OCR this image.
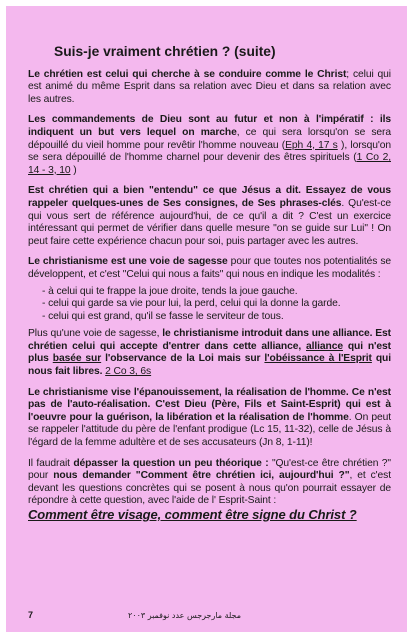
Suis-je vraiment chrétien ? (suite)

Le chrétien est celui qui cherche à se conduire comme le Christ; celui qui est animé du même Esprit dans sa relation avec Dieu et dans sa relation avec les autres.

Les commandements de Dieu sont au futur et non à l'impératif : ils indiquent un but vers lequel on marche, ce qui sera lorsqu'on se sera dépouillé du vieil homme pour revêtir l'homme nouveau (Eph 4, 17 s ), lorsqu'on se sera dépouillé de l'homme charnel pour devenir des êtres spirituels (1 Co 2, 14 - 3, 10 )

Est chrétien qui a bien "entendu" ce que Jésus a dit. Essayez de vous rappeler quelques-unes de Ses consignes, de Ses phrases-clés. Qu'est-ce qui vous sert de référence aujourd'hui, de ce qu'il a dit ? C'est un exercice intéressant qui permet de vérifier dans quelle mesure "on se guide sur Lui" ! On peut faire cette expérience chacun pour soi, puis partager avec les autres.

Le christianisme est une voie de sagesse pour que toutes nos potentialités se développent, et c'est "Celui qui nous a faits" qui nous en indique les modalités :

- à celui qui te frappe la joue droite, tends la joue gauche.
- celui qui garde sa vie pour lui, la perd, celui qui la donne la garde.
- celui qui est grand, qu'il se fasse le serviteur de tous.

Plus qu'une voie de sagesse, le christianisme introduit dans une alliance. Est chrétien celui qui accepte d'entrer dans cette alliance, alliance qui n'est plus basée sur l'observance de la Loi mais sur l'obéissance à l'Esprit qui nous fait libres. 2 Co 3, 6s

Le christianisme vise l'épanouissement, la réalisation de l'homme. Ce n'est pas de l'auto-réalisation. C'est Dieu (Père, Fils et Saint-Esprit) qui est à l'oeuvre pour la guérison, la libération et la réalisation de l'homme. On peut se rappeler l'attitude du père de l'enfant prodigue (Lc 15, 11-32), celle de Jésus à l'égard de la femme adultère et de ses accusateurs (Jn 8, 1-11)!

Il faudrait dépasser la question un peu théorique : "Qu'est-ce être chrétien ?" pour nous demander "Comment être chrétien ici, aujourd'hui ?", et c'est devant les questions concrètes qui se posent à nous qu'on pourrait essayer de répondre à cette question, avec l'aide de l' Esprit-Saint :

Comment être visage, comment être signe du Christ ?
7	مجلة مارجرجس عدد نوفمبر ٢٠٠٣
